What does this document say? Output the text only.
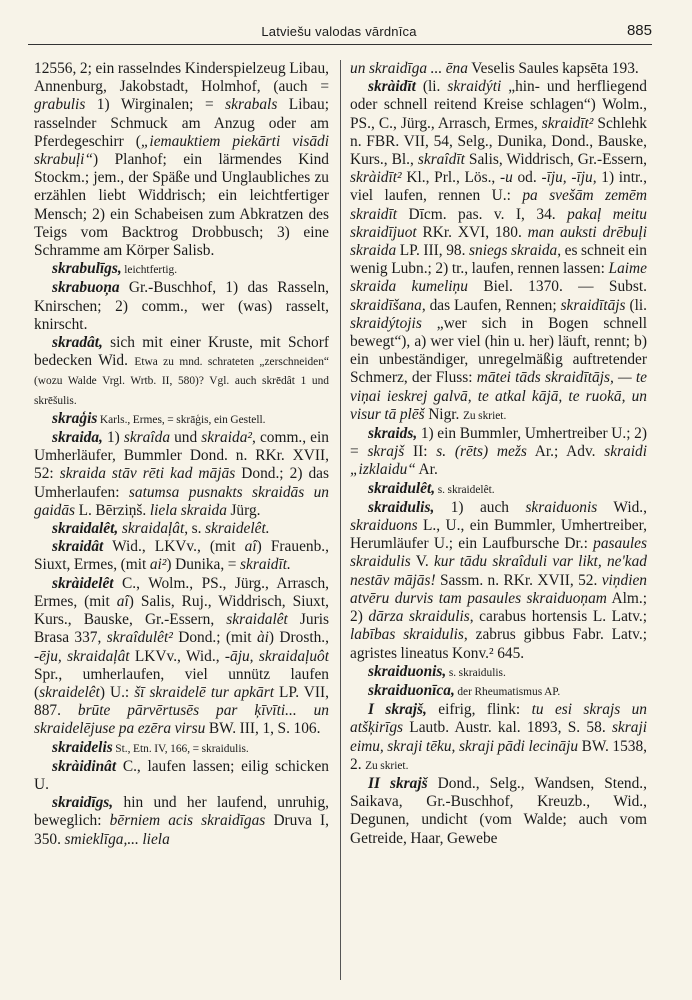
Latviešu valodas vārdnīca	885

12556, 2; ein rasselndes Kinderspielzeug Libau, Annenburg, Jakobstadt, Holmhof, (auch = grabulis 1) Wirginalen; = skrabals Libau; rasselnder Schmuck am Anzug oder am Pferdegeschirr („iemauktiem piekārti visādi skrabuļi“) Planhof; ein lärmendes Kind Stockm.; jem., der Späße und Unglaubliches zu erzählen liebt Widdrisch; ein leichtfertiger Mensch; 2) ein Schabeisen zum Abkratzen des Teigs vom Backtrog Drobbusch; 3) eine Schramme am Körper Salisb.

skrabulīgs, leichtfertig.

skrabuoņa Gr.-Buschhof, 1) das Rasseln, Knirschen; 2) comm., wer (was) rasselt, knirscht.

skradât, sich mit einer Kruste, mit Schorf bedecken Wid. Etwa zu mnd. schrateten „zerschneiden“ (wozu Walde Vrgl. Wrtb. II, 580)? Vgl. auch skrēdât 1 und skrēšulis.

skraģis Karls., Ermes, = skrāģis, ein Gestell.

skraida, 1) skraîda und skraida², comm., ein Umherläufer, Bummler Dond. n. RKr. XVII, 52: skraida stāv rēti kad mājās Dond.; 2) das Umherlaufen: satumsa pusnakts skraidās un gaidās L. Bērziņš. liela skraida Jürg.

skraidalêt, skraidaļât, s. skraidelêt.

skraidât Wid., LKVv., (mit aî) Frauenb., Siuxt, Ermes, (mit ai²) Dunika, = skraidīt.

skràidelêt C., Wolm., PS., Jürg., Arrasch, Ermes, (mit aî) Salis, Ruj., Widdrisch, Siuxt, Kurs., Bauske, Gr.-Essern, skraidalêt Juris Brasa 337, skraîdulêt² Dond.; (mit ài) Drosth., -ēju, skraidaļât LKVv., Wid., -āju, skraidaļuôt Spr., umherlaufen, viel unnütz laufen (skraidelêt) U.: šī skraidelē tur apkārt LP. VII, 887. brūte pārvērtusēs par ķīvīti... un skraidelējuse pa ezēra virsu BW. III, 1, S. 106.

skraidelis St., Etn. IV, 166, = skraidulis.

skràidinât C., laufen lassen; eilig schicken U.

skraidīgs, hin und her laufend, unruhig, beweglich: bērniem acis skraidīgas Druva I, 350. smieklīga,... liela

un skraidīga ... ēna Veselis Saules kapsēta 193.

skràidīt (li. skraidýti „hin- und herfliegend oder schnell reitend Kreise schlagen“) Wolm., PS., C., Jürg., Arrasch, Ermes, skraidīt² Schlehk n. FBR. VII, 54, Selg., Dunika, Dond., Bauske, Kurs., Bl., skraîdīt Salis, Widdrisch, Gr.-Essern, skràidīt² Kl., Prl., Lös., -u od. -īju, -īju, 1) intr., viel laufen, rennen U.: pa svešām zemēm skraidīt Dīcm. pas. v. I, 34. pakaļ meitu skraidījuot RKr. XVI, 180. man auksti drēbuļi skraida LP. III, 98. sniegs skraida, es schneit ein wenig Lubn.; 2) tr., laufen, rennen lassen: Laime skraida kumeliņu Biel. 1370. — Subst. skraidīšana, das Laufen, Rennen; skraidītājs (li. skraidýtojis „wer sich in Bogen schnell bewegt“), a) wer viel (hin u. her) läuft, rennt; b) ein unbeständiger, unregelmäßig auftretender Schmerz, der Fluss: mātei tāds skraidītājs, — te viņai ieskrej galvā, te atkal kājā, te ruokā, un visur tā plēš Nigr. Zu skriet.

skraids, 1) ein Bummler, Umhertreiber U.; 2) = skrajš II: s. (rēts) mežs Ar.; Adv. skraidi „izklaidu“ Ar.

skraidulêt, s. skraidelêt.

skraidulis, 1) auch skraiduonis Wid., skraiduons L., U., ein Bummler, Umhertreiber, Herumläufer U.; ein Laufbursche Dr.: pasaules skraidulis V. kur tādu skraîduli var likt, ne'kad nestāv mājās! Sassm. n. RKr. XVII, 52. viņdien atvēru durvis tam pasaules skraiduoņam Alm.; 2) dārza skraidulis, carabus hortensis L. Latv.; labības skraidulis, zabrus gibbus Fabr. Latv.; agristes lineatus Konv.² 645.

skraiduonis, s. skraidulis.

skraiduonīca, der Rheumatismus AP.

I skrajš, eifrig, flink: tu esi skrajs un atšķirīgs Lautb. Austr. kal. 1893, S. 58. skraji eimu, skraji tēku, skraji pādi lecināju BW. 1538, 2. Zu skriet.

II skrajš Dond., Selg., Wandsen, Stend., Saikava, Gr.-Buschhof, Kreuzb., Wid., Degunen, undicht (vom Walde; auch vom Getreide, Haar, Gewebe
